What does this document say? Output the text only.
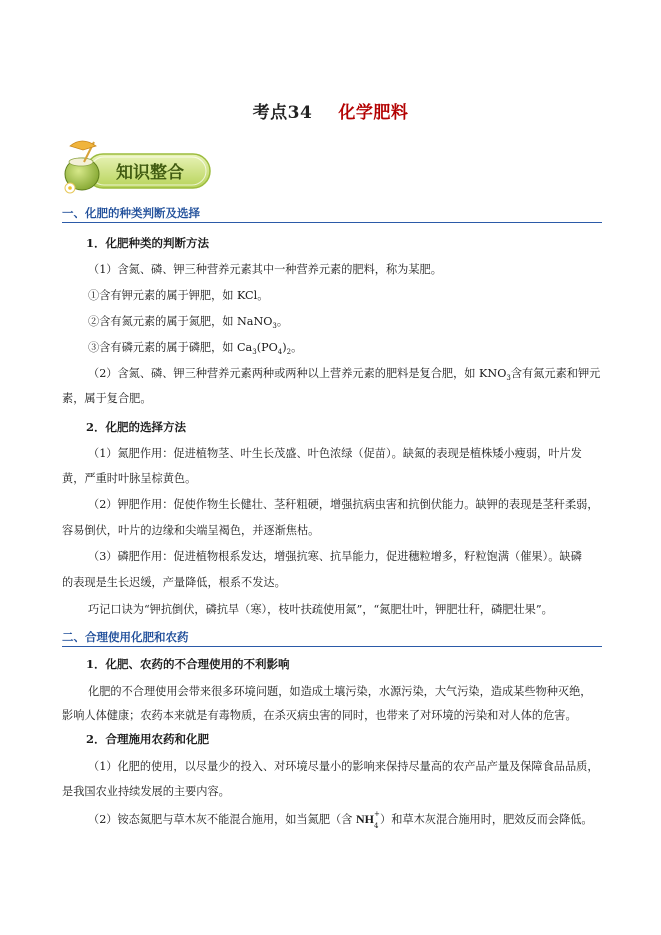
考点34 化学肥料
知识整合
一、化肥的种类判断及选择
1．化肥种类的判断方法
（1）含氮、磷、钾三种营养元素其中一种营养元素的肥料，称为某肥。
①含有钾元素的属于钾肥，如 KCl。
②含有氮元素的属于氮肥，如 NaNO$_3$。
③含有磷元素的属于磷肥，如 $Ca_3(PO_4)_2$。
（2）含氮、磷、钾三种营养元素两种或两种以上营养元素的肥料是复合肥，如 $KNO_3$含有氮元素和钾元
素，属于复合肥。
2．化肥的选择方法
（1）氮肥作用：促进植物茎、叶生长茂盛、叶色浓绿（促苗）。缺氮的表现是植株矮小瘦弱，叶片发
黄，严重时叶脉呈棕黄色。
（2）钾肥作用：促使作物生长健壮、茎秆粗硬，增强抗病虫害和抗倒伏能力。缺钾的表现是茎秆柔弱，
容易倒伏，叶片的边缘和尖端呈褐色，并逐渐焦枯。
（3）磷肥作用：促进植物根系发达，增强抗寒、抗旱能力，促进穗粒增多，籽粒饱满（催果）。缺磷
的表现是生长迟缓，产量降低，根系不发达。
巧记口诀为“钾抗倒伏，磷抗旱（寒），枝叶扶疏使用氮”，“氮肥壮叶，钾肥壮秆，磷肥壮果”。
二、合理使用化肥和农药
1．化肥、农药的不合理使用的不利影响
化肥的不合理使用会带来很多环境问题，如造成土壤污染，水源污染，大气污染，造成某些物种灭绝，
影响人体健康；农药本来就是有毒物质，在杀灭病虫害的同时，也带来了对环境的污染和对人体的危害。
2．合理施用农药和化肥
（1）化肥的使用，以尽量少的投入、对环境尽量小的影响来保持尽量高的农产品产量及保障食品品质，
是我国农业持续发展的主要内容。
（2）铵态氮肥与草木灰不能混合施用，如当氮肥（含 NH +
4 ）和草木灰混合施用时，肥效反而会降低。
